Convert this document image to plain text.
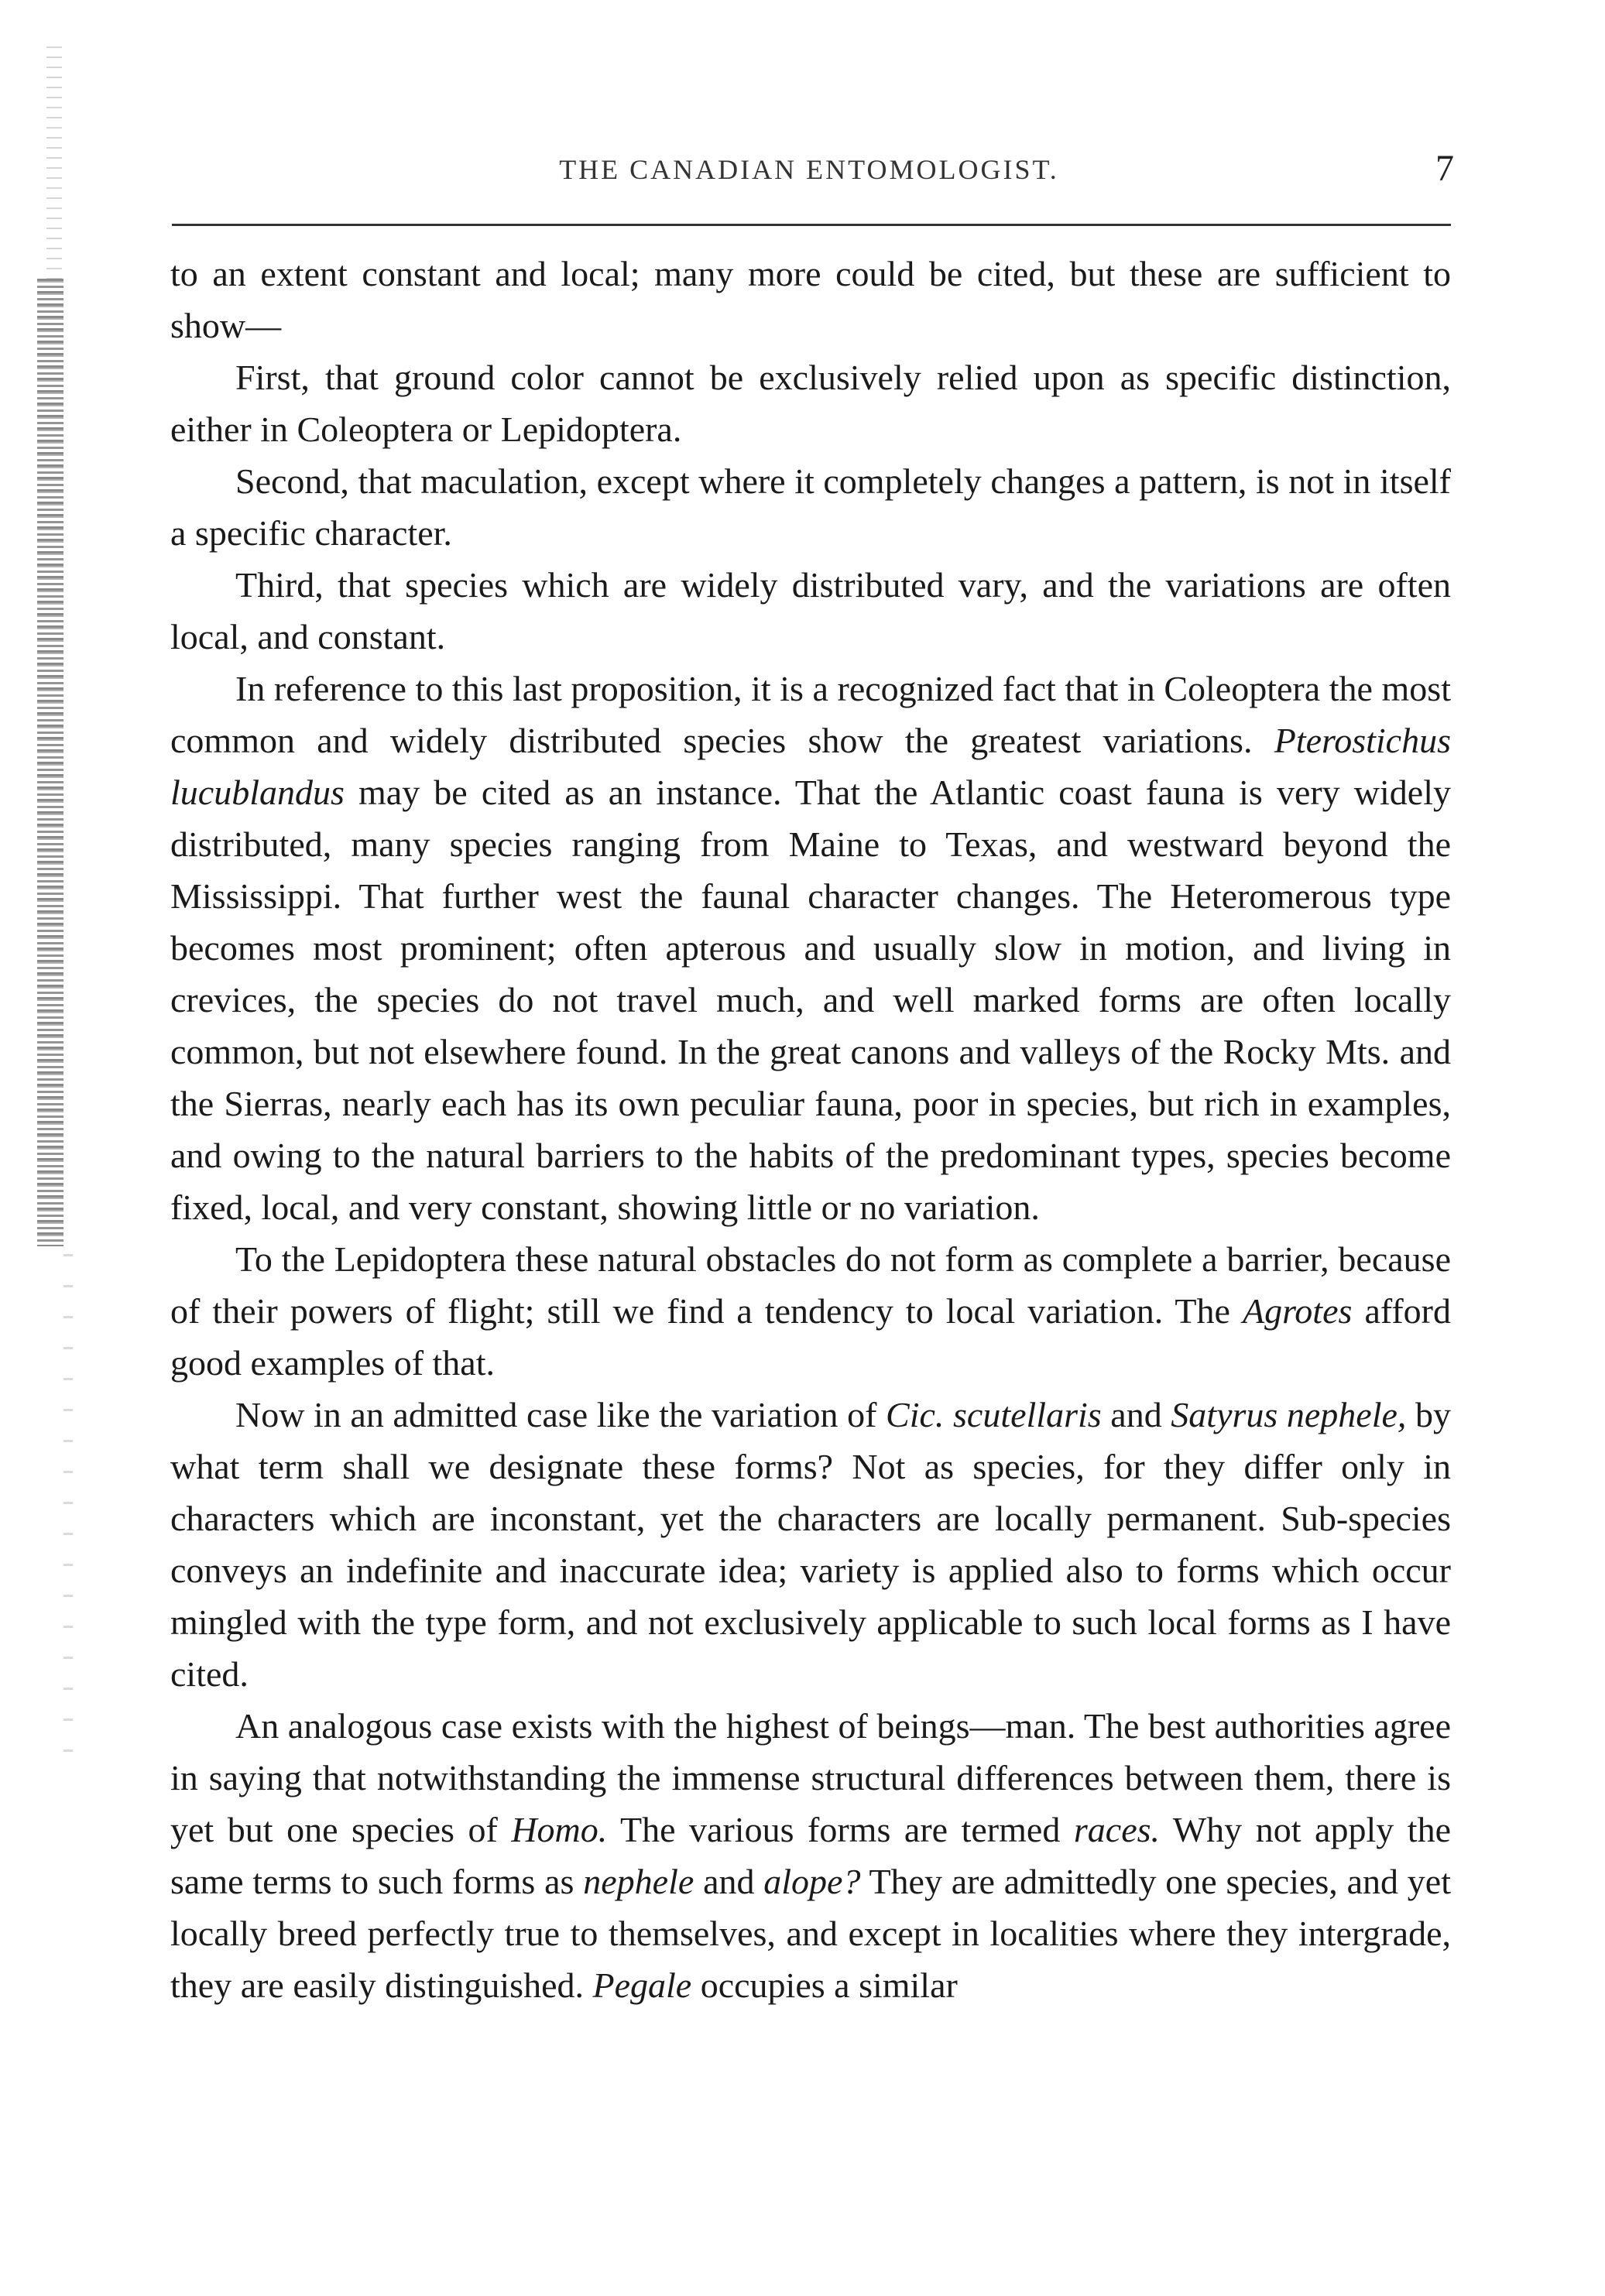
THE CANADIAN ENTOMOLOGIST.	7

to an extent constant and local; many more could be cited, but these are sufficient to show—

First, that ground color cannot be exclusively relied upon as specific distinction, either in Coleoptera or Lepidoptera.

Second, that maculation, except where it completely changes a pattern, is not in itself a specific character.

Third, that species which are widely distributed vary, and the variations are often local, and constant.

In reference to this last proposition, it is a recognized fact that in Coleoptera the most common and widely distributed species show the greatest variations. Pterostichus lucublandus may be cited as an instance. That the Atlantic coast fauna is very widely distributed, many species ranging from Maine to Texas, and westward beyond the Mississippi. That further west the faunal character changes. The Heteromerous type becomes most prominent; often apterous and usually slow in motion, and living in crevices, the species do not travel much, and well marked forms are often locally common, but not elsewhere found. In the great canons and valleys of the Rocky Mts. and the Sierras, nearly each has its own peculiar fauna, poor in species, but rich in examples, and owing to the natural barriers to the habits of the predominant types, species become fixed, local, and very constant, showing little or no variation.

To the Lepidoptera these natural obstacles do not form as complete a barrier, because of their powers of flight; still we find a tendency to local variation. The Agrotes afford good examples of that.

Now in an admitted case like the variation of Cic. scutellaris and Satyrus nephele, by what term shall we designate these forms? Not as species, for they differ only in characters which are inconstant, yet the characters are locally permanent. Sub-species conveys an indefinite and inaccurate idea; variety is applied also to forms which occur mingled with the type form, and not exclusively applicable to such local forms as I have cited.

An analogous case exists with the highest of beings—man. The best authorities agree in saying that notwithstanding the immense structural differences between them, there is yet but one species of Homo. The various forms are termed races. Why not apply the same terms to such forms as nephele and alope? They are admittedly one species, and yet locally breed perfectly true to themselves, and except in localities where they intergrade, they are easily distinguished. Pegale occupies a similar
